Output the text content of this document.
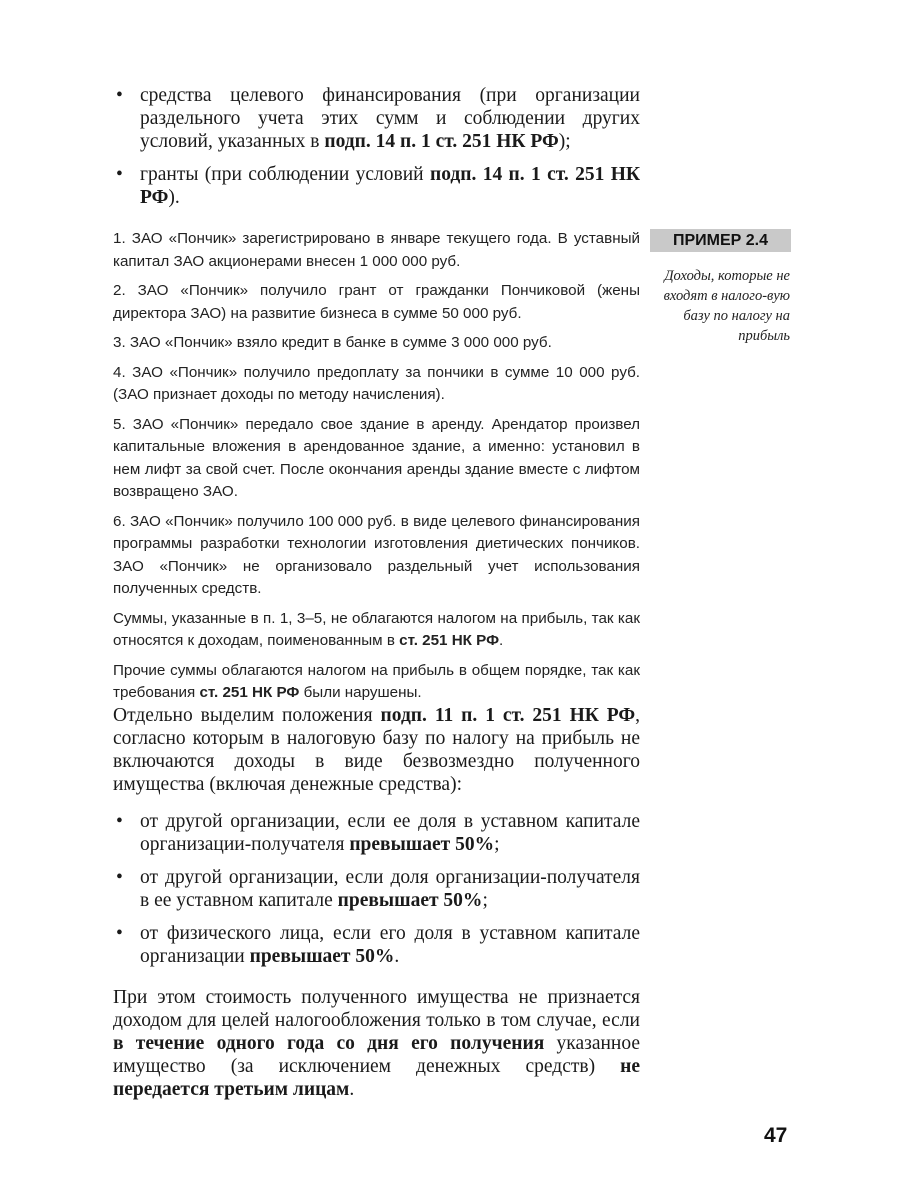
• средства целевого финансирования (при организации раздельного учета этих сумм и соблюдении других условий, указанных в подп. 14 п. 1 ст. 251 НК РФ);
• гранты (при соблюдении условий подп. 14 п. 1 ст. 251 НК РФ).
ПРИМЕР 2.4
Доходы, которые не входят в налого-вую базу по налогу на прибыль

1. ЗАО «Пончик» зарегистрировано в январе текущего года. В уставный капитал ЗАО акционерами внесен 1 000 000 руб.

2. ЗАО «Пончик» получило грант от гражданки Пончиковой (жены директора ЗАО) на развитие бизнеса в сумме 50 000 руб.

3. ЗАО «Пончик» взяло кредит в банке в сумме 3 000 000 руб.

4. ЗАО «Пончик» получило предоплату за пончики в сумме 10 000 руб. (ЗАО признает доходы по методу начисления).

5. ЗАО «Пончик» передало свое здание в аренду. Арендатор произвел капитальные вложения в арендованное здание, а именно: установил в нем лифт за свой счет. После окончания аренды здание вместе с лифтом возвращено ЗАО.

6. ЗАО «Пончик» получило 100 000 руб. в виде целевого финансирования программы разработки технологии изготовления диетических пончиков. ЗАО «Пончик» не организовало раздельный учет использования полученных средств.

Суммы, указанные в п. 1, 3–5, не облагаются налогом на прибыль, так как относятся к доходам, поименованным в ст. 251 НК РФ.

Прочие суммы облагаются налогом на прибыль в общем порядке, так как требования ст. 251 НК РФ были нарушены.

Отдельно выделим положения подп. 11 п. 1 ст. 251 НК РФ, согласно которым в налоговую базу по налогу на прибыль не включаются доходы в виде безвозмездно полученного имущества (включая денежные средства):
• от другой организации, если ее доля в уставном капитале организации-получателя превышает 50%;
• от другой организации, если доля организации-получателя в ее уставном капитале превышает 50%;
• от физического лица, если его доля в уставном капитале организации превышает 50%.
При этом стоимость полученного имущества не признается доходом для целей налогообложения только в том случае, если в течение одного года со дня его получения указанное имущество (за исключением денежных средств) не передается третьим лицам.
47
